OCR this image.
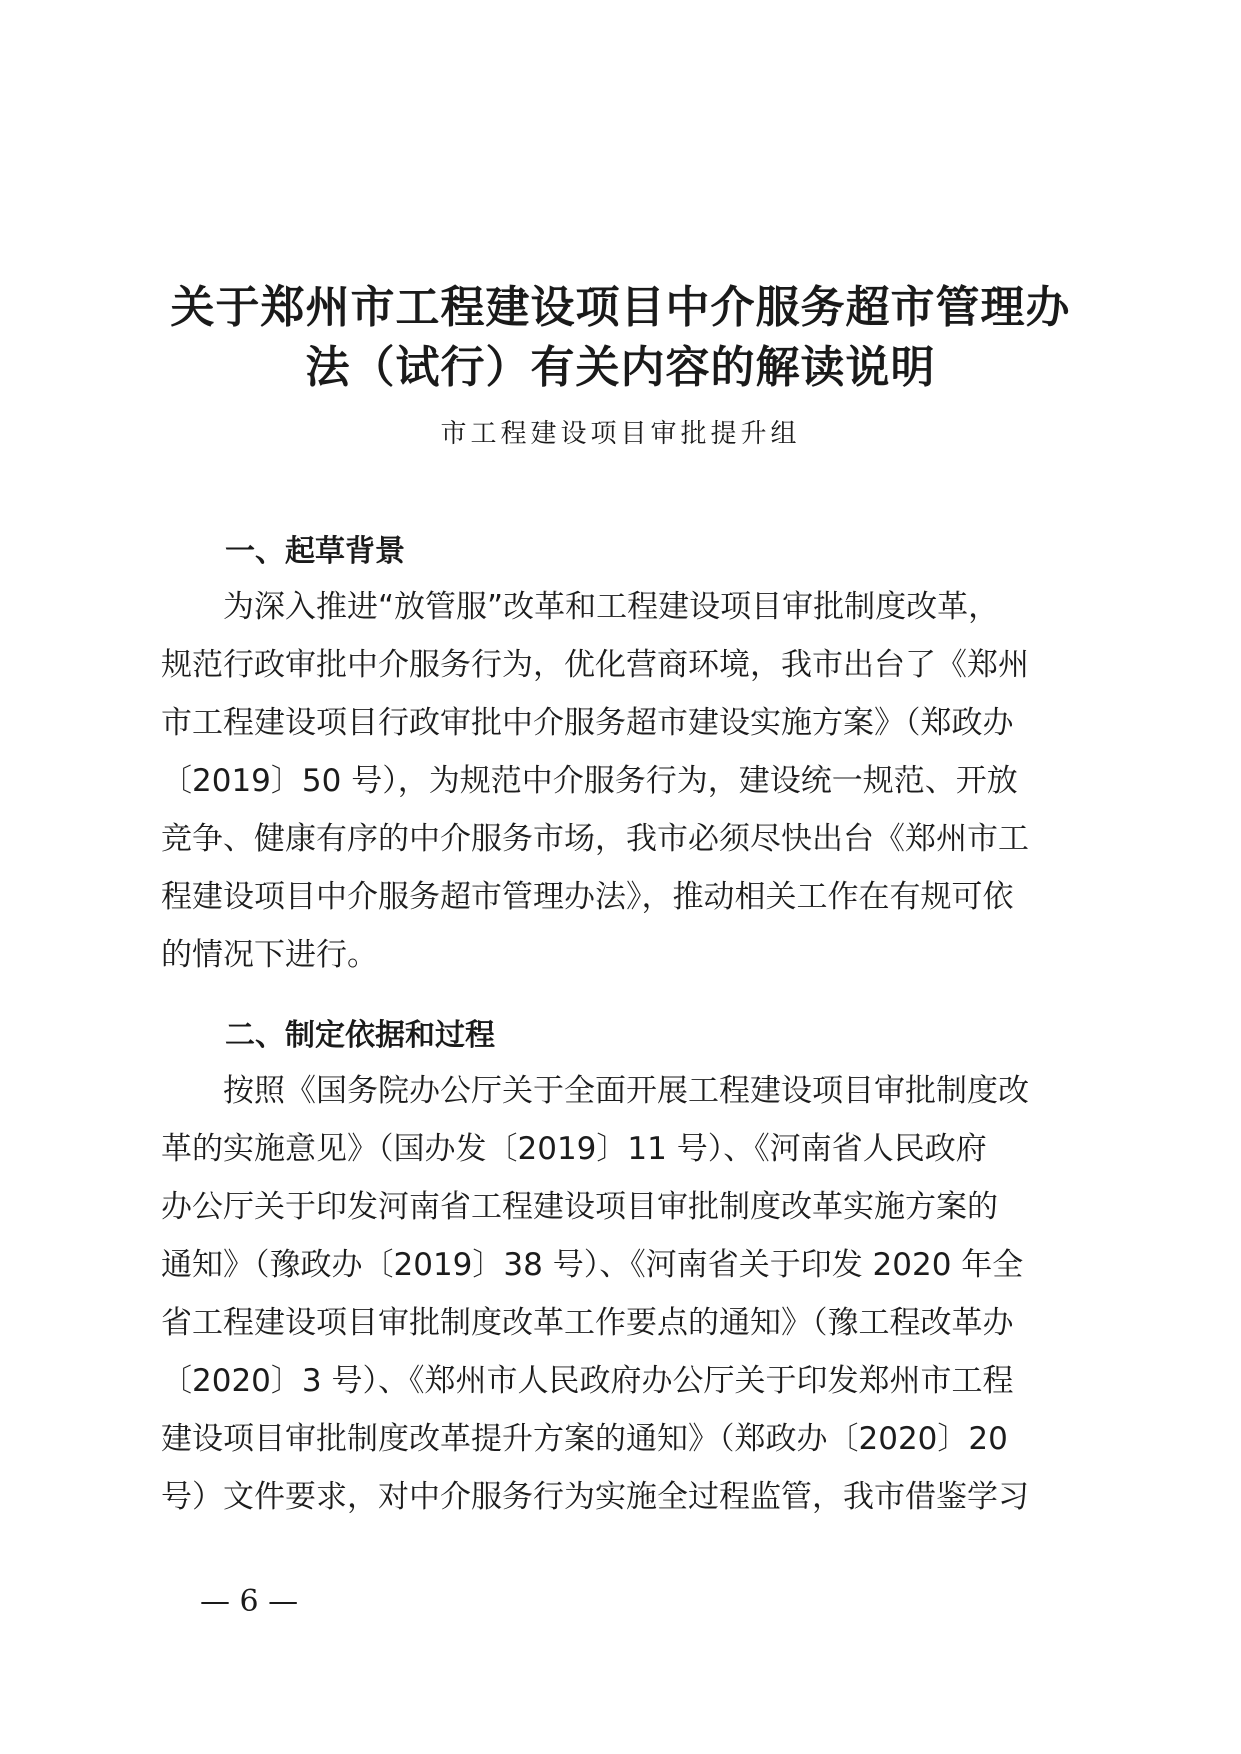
关于郑州市工程建设项目中介服务超市管理办
法（试行）有关内容的解读说明
市工程建设项目审批提升组
一、起草背景
为深入推进“放管服”改革和工程建设项目审批制度改革，
规范行政审批中介服务行为，优化营商环境，我市出台了《郑州
市工程建设项目行政审批中介服务超市建设实施方案》（郑政办
〔2019〕50 号），为规范中介服务行为，建设统一规范、开放
竞争、健康有序的中介服务市场，我市必须尽快出台《郑州市工
程建设项目中介服务超市管理办法》，推动相关工作在有规可依
的情况下进行。
二、制定依据和过程
按照《国务院办公厅关于全面开展工程建设项目审批制度改
革的实施意见》（国办发〔2019〕11 号）、《河南省人民政府
办公厅关于印发河南省工程建设项目审批制度改革实施方案的
通知》（豫政办〔2019〕38 号）、《河南省关于印发 2020 年全
省工程建设项目审批制度改革工作要点的通知》（豫工程改革办
〔2020〕3 号）、《郑州市人民政府办公厅关于印发郑州市工程
建设项目审批制度改革提升方案的通知》（郑政办〔2020〕20
号）文件要求，对中介服务行为实施全过程监管，我市借鉴学习
— 6 —
